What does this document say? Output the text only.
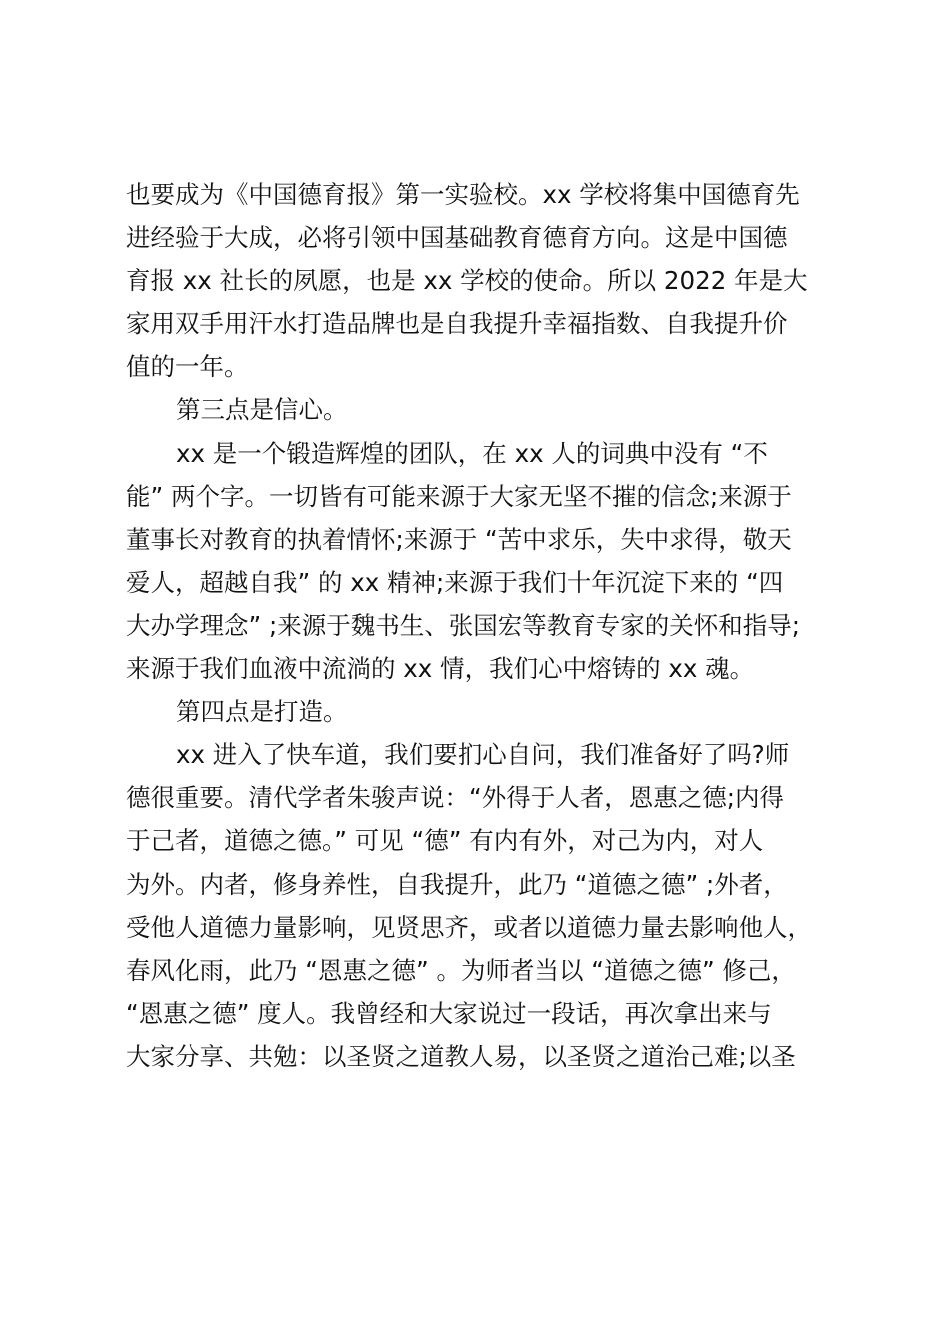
也要成为《中国德育报》第一实验校。xx 学校将集中国德育先
进经验于大成，必将引领中国基础教育德育方向。这是中国德
育报 xx 社长的夙愿，也是 xx 学校的使命。所以 2022 年是大
家用双手用汗水打造品牌也是自我提升幸福指数、自我提升价
值的一年。
第三点是信心。
xx 是一个锻造辉煌的团队，在 xx 人的词典中没有 “不
能” 两个字。一切皆有可能来源于大家无坚不摧的信念;来源于
董事长对教育的执着情怀;来源于 “苦中求乐，失中求得，敬天
爱人，超越自我” 的 xx 精神;来源于我们十年沉淀下来的 “四
大办学理念” ;来源于魏书生、张国宏等教育专家的关怀和指导;
来源于我们血液中流淌的 xx 情，我们心中熔铸的 xx 魂。
第四点是打造。
xx 进入了快车道，我们要扪心自问，我们准备好了吗?师
德很重要。清代学者朱骏声说：“外得于人者，恩惠之德;内得
于己者，道德之德。” 可见 “德” 有内有外，对己为内，对人
为外。内者，修身养性，自我提升，此乃 “道德之德” ;外者，
受他人道德力量影响，见贤思齐，或者以道德力量去影响他人，
春风化雨，此乃 “恩惠之德” 。为师者当以 “道德之德” 修己，
“恩惠之德” 度人。我曾经和大家说过一段话，再次拿出来与
大家分享、共勉：以圣贤之道教人易，以圣贤之道治己难;以圣
